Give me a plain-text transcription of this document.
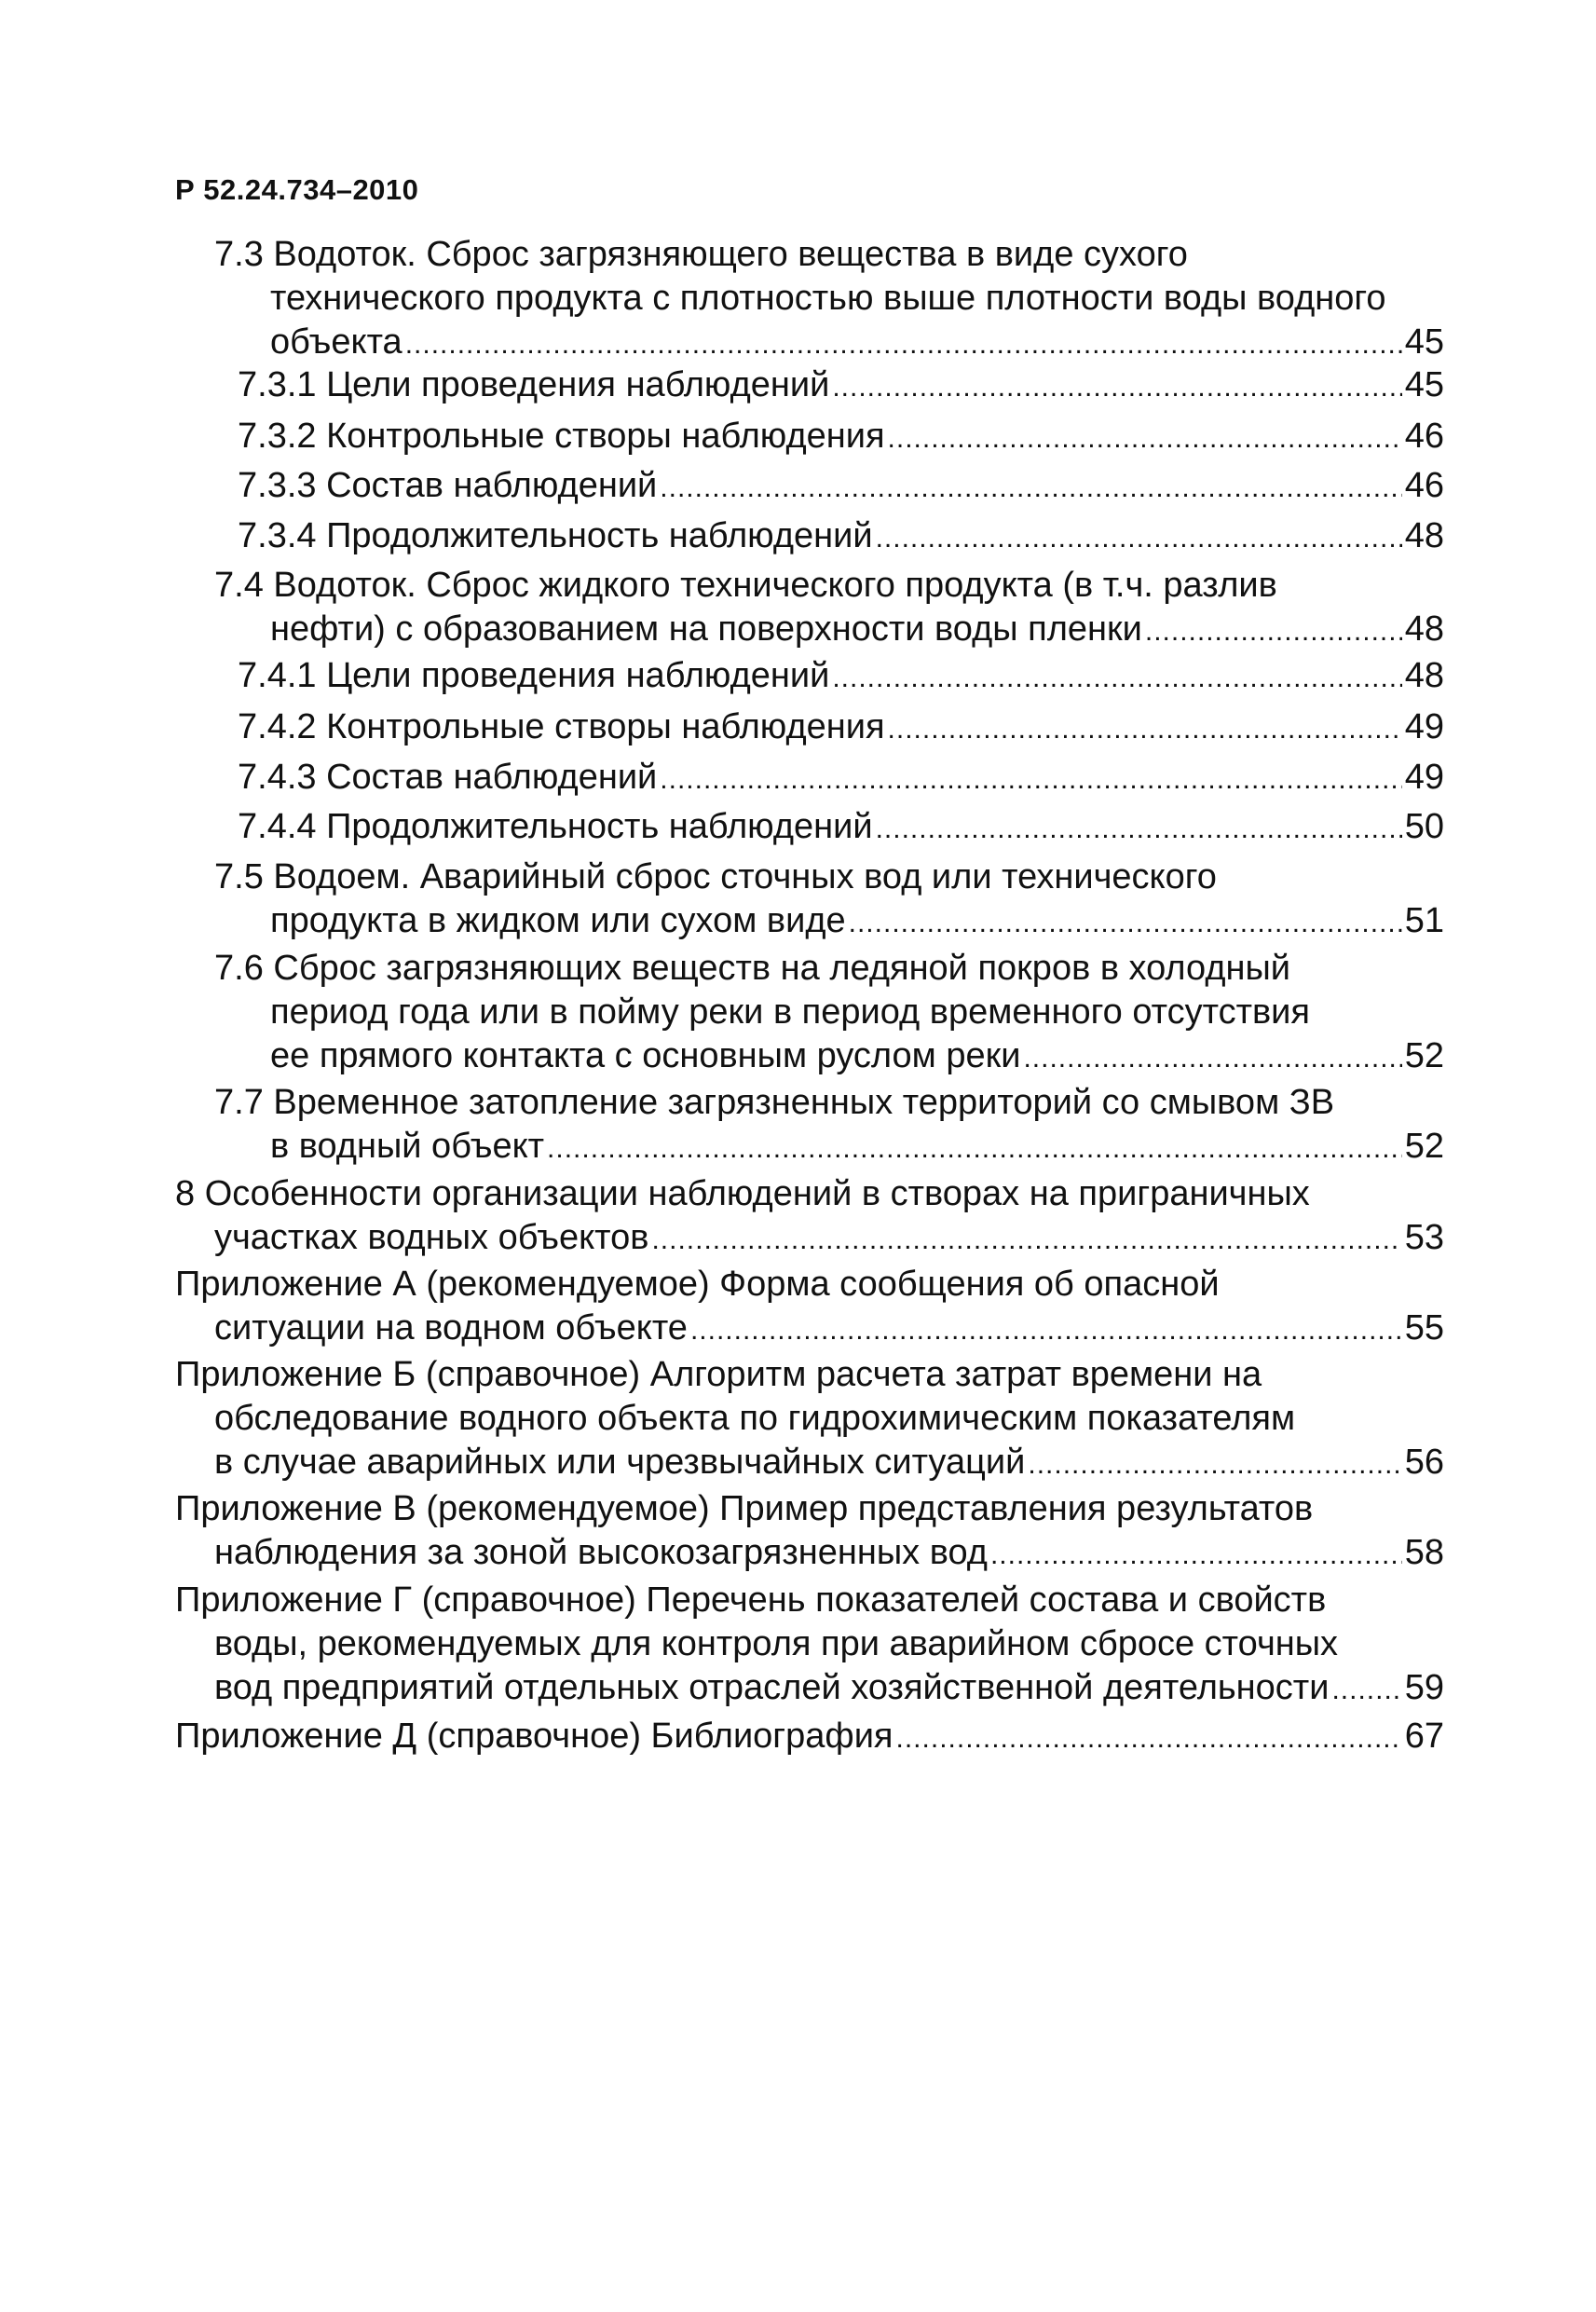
Р 52.24.734–2010
7.3 Водоток. Сброс загрязняющего вещества в виде сухого
технического продукта с плотностью выше плотности воды водного
объекта .....	45
7.3.1 Цели проведения наблюдений .....	45
7.3.2 Контрольные створы наблюдения .....	46
7.3.3 Состав наблюдений .....	46
7.3.4 Продолжительность наблюдений .....	48
7.4 Водоток. Сброс жидкого технического продукта (в т.ч. разлив
нефти) с образованием на поверхности воды пленки .....	48
7.4.1 Цели проведения наблюдений .....	48
7.4.2 Контрольные створы наблюдения .....	49
7.4.3 Состав наблюдений .....	49
7.4.4 Продолжительность наблюдений .....	50
7.5 Водоем. Аварийный сброс сточных вод или технического
продукта в жидком или сухом виде .....	51
7.6 Сброс загрязняющих веществ на ледяной покров в холодный
период года или в пойму реки в период временного отсутствия
ее прямого контакта с основным руслом реки .....	52
7.7 Временное затопление загрязненных территорий со смывом ЗВ
в водный объект .....	52
8 Особенности организации наблюдений в створах на приграничных
участках водных объектов .....	53
Приложение А (рекомендуемое) Форма сообщения об опасной
ситуации на водном объекте .....	55
Приложение Б (справочное) Алгоритм расчета затрат времени на
обследование водного объекта по гидрохимическим показателям
в случае аварийных или чрезвычайных ситуаций .....	56
Приложение В (рекомендуемое) Пример представления результатов
наблюдения за зоной высокозагрязненных вод .....	58
Приложение Г (справочное) Перечень показателей состава и свойств
воды, рекомендуемых для контроля при аварийном сбросе сточных
вод предприятий отдельных отраслей хозяйственной деятельности ..... 59
Приложение Д (справочное) Библиография .....	67
